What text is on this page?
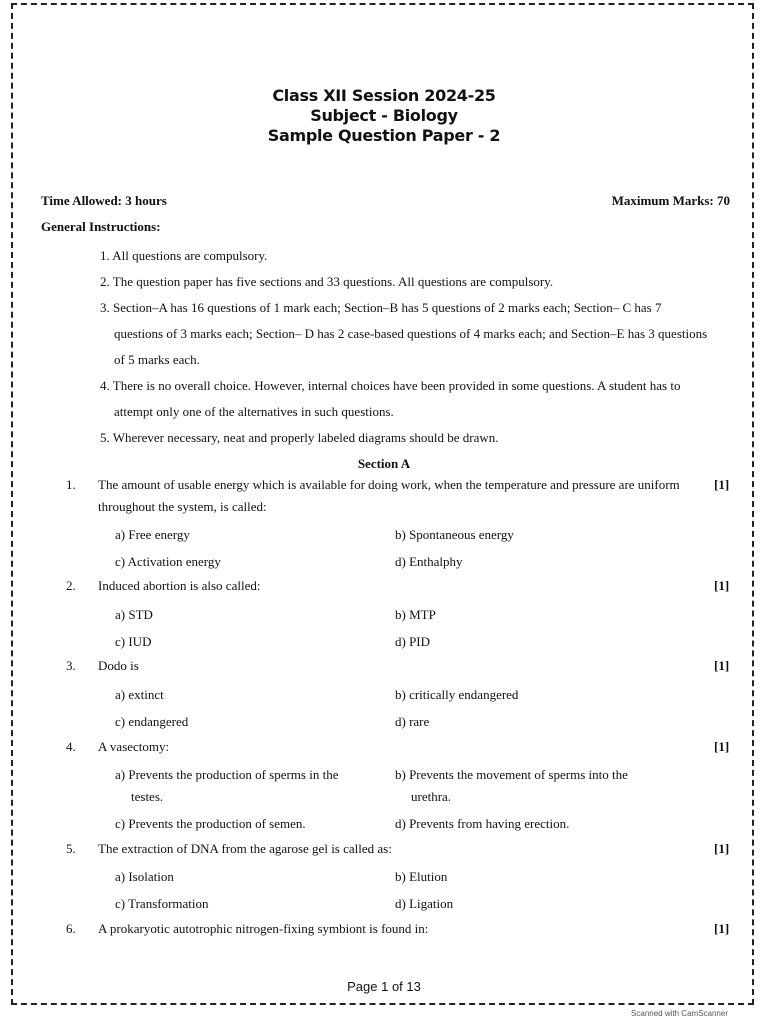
Class XII Session 2024-25
Subject - Biology
Sample Question Paper - 2
Time Allowed: 3 hours	Maximum Marks: 70
General Instructions:
1. All questions are compulsory.
2. The question paper has five sections and 33 questions. All questions are compulsory.
3. Section–A has 16 questions of 1 mark each; Section–B has 5 questions of 2 marks each; Section– C has 7
questions of 3 marks each; Section– D has 2 case-based questions of 4 marks each; and Section–E has 3 questions
of 5 marks each.
4. There is no overall choice. However, internal choices have been provided in some questions. A student has to
attempt only one of the alternatives in such questions.
5. Wherever necessary, neat and properly labeled diagrams should be drawn.
Section A
1. The amount of usable energy which is available for doing work, when the temperature and pressure are uniform
throughout the system, is called:
[1]
a) Free energy	b) Spontaneous energy
c) Activation energy	d) Enthalphy
2. Induced abortion is also called:	[1]
a) STD	b) MTP
c) IUD	d) PID
3. Dodo is	[1]
a) extinct	b) critically endangered
c) endangered	d) rare
4. A vasectomy:	[1]
a) Prevents the production of sperms in the
testes.
b) Prevents the movement of sperms into the
urethra.
c) Prevents the production of semen.	d) Prevents from having erection.
5. The extraction of DNA from the agarose gel is called as:	[1]
a) Isolation	b) Elution
c) Transformation	d) Ligation
6. A prokaryotic autotrophic nitrogen-fixing symbiont is found in:	[1]
Page 1 of 13
Scanned with CamScanner
